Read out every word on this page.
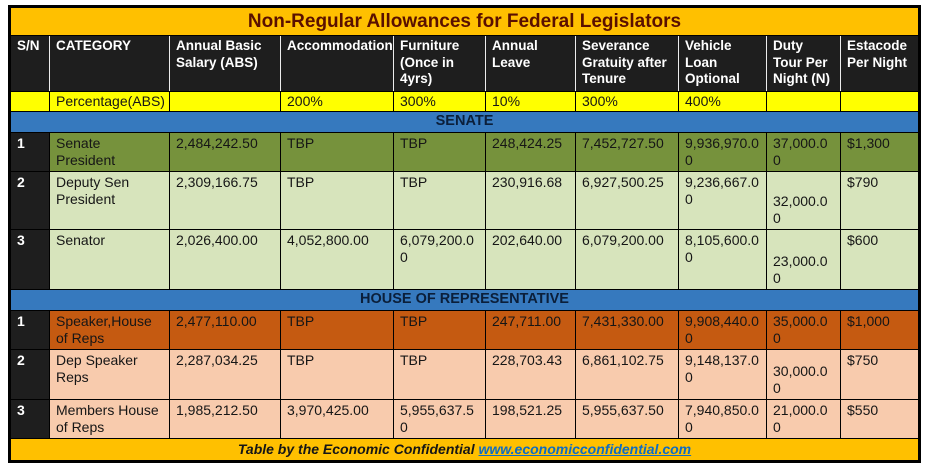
Non-Regular Allowances for Federal Legislators									
S/N	CATEGORY	Annual Basic Salary (ABS)	Accommodation	Furniture (Once in 4yrs)	Annual Leave	Severance Gratuity after Tenure	Vehicle Loan Optional	Duty Tour Per Night (N)	Estacode Per Night
	Percentage(ABS)		200%	300%	10%	300%	400%		
SENATE									
1	Senate President	2,484,242.50	TBP	TBP	248,424.25	7,452,727.50	9,936,970.00	37,000.00	$1,300
2	Deputy Sen President	2,309,166.75	TBP	TBP	230,916.68	6,927,500.25	9,236,667.00	32,000.00	$790
3	Senator	2,026,400.00	4,052,800.00	6,079,200.00	202,640.00	6,079,200.00	8,105,600.00	23,000.00	$600
HOUSE OF REPRESENTATIVE									
1	Speaker,House of Reps	2,477,110.00	TBP	TBP	247,711.00	7,431,330.00	9,908,440.00	35,000.00	$1,000
2	Dep Speaker Reps	2,287,034.25	TBP	TBP	228,703.43	6,861,102.75	9,148,137.00	30,000.00	$750
3	Members House of Reps	1,985,212.50	3,970,425.00	5,955,637.50	198,521.25	5,955,637.50	7,940,850.00	21,000.00	$550
Table by the Economic Confidential www.economicconfidential.com									
